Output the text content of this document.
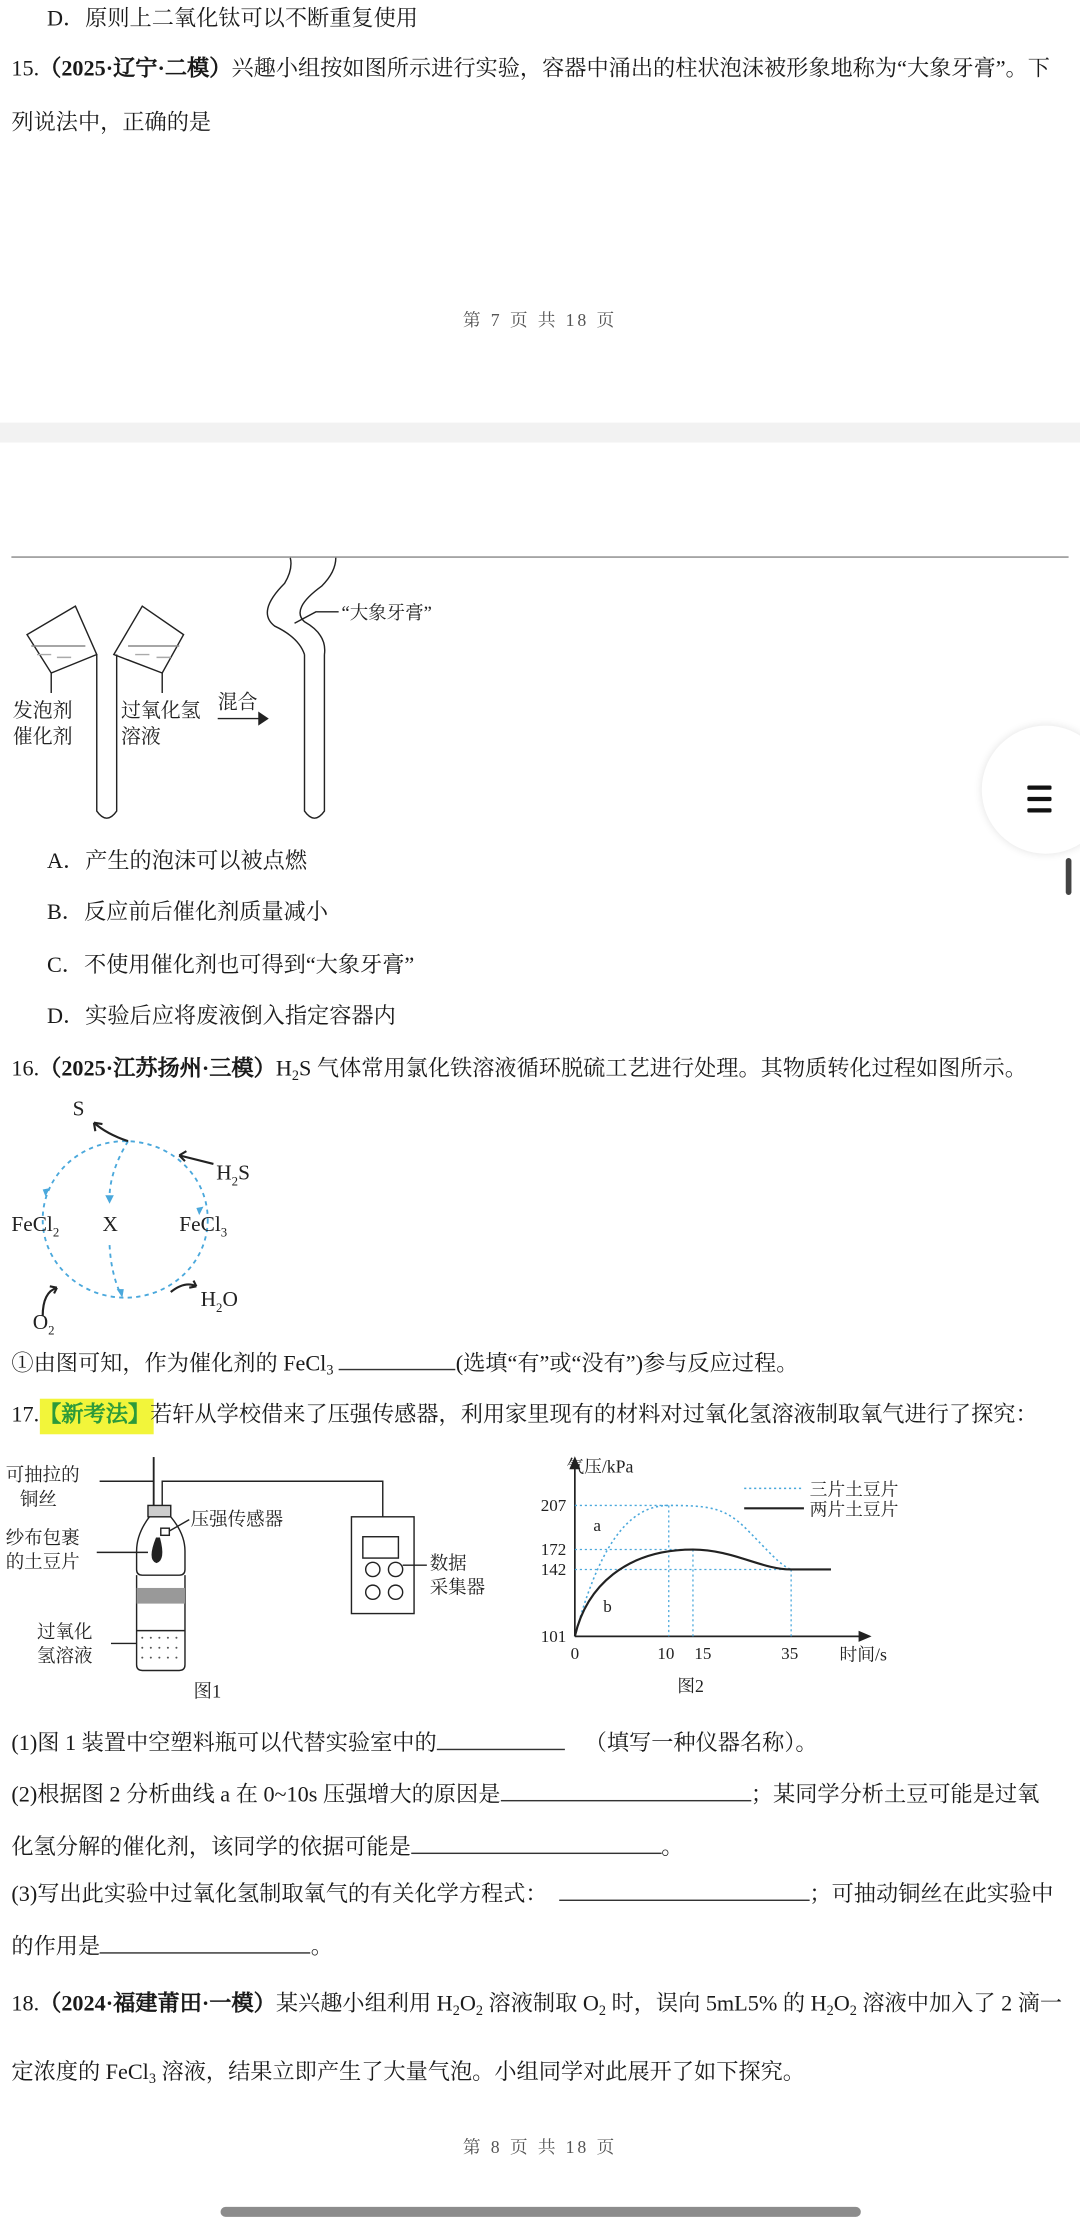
D．原则上二氧化钛可以不断重复使用
15.（2025·辽宁·二模）兴趣小组按如图所示进行实验，容器中涌出的柱状泡沫被形象地称为“大象牙膏”。下
列说法中，正确的是
第 7 页 共 18 页
“大象牙膏”
发泡剂
催化剂
过氧化氢
溶液
混合
A．产生的泡沫可以被点燃
B．反应前后催化剂质量减小
C．不使用催化剂也可得到“大象牙膏”
D．实验后应将废液倒入指定容器内
16.（2025·江苏扬州·三模）$H_2S$ 气体常用氯化铁溶液循环脱硫工艺进行处理。其物质转化过程如图所示。
S
$H_2S$
FeCl$_2$	X	FeCl$_3$
$H_2O$
$O_2$
①由图可知，作为催化剂的 FeCl$_3$	(选填“有”或“没有”)参与反应过程。
17.【新考法】若轩从学校借来了压强传感器，利用家里现有的材料对过氧化氢溶液制取氧气进行了探究：
可抽拉的
铜丝
压强传感器
纱布包裹
的土豆片
过氧化
氢溶液
数据
采集器
图1
207
172
142
101
0	10 15	35
气压/kPa
时间/s
图2
a
b
三片土豆片
两片土豆片
(1)图 1 装置中空塑料瓶可以代替实验室中的	（填写一种仪器名称）。
(2)根据图 2 分析曲线 a 在 0~10s 压强增大的原因是	；某同学分析土豆可能是过氧
化氢分解的催化剂，该同学的依据可能是	。
(3)写出此实验中过氧化氢制取氧气的有关化学方程式：	；可抽动铜丝在此实验中
的作用是	。
18.（2024·福建莆田·一模）某兴趣小组利用 $H_2O_2$ 溶液制取 $O_2$ 时，误向 5mL5% 的 $H_2O_2$ 溶液中加入了 2 滴一
定浓度的 FeCl$_3$ 溶液，结果立即产生了大量气泡。小组同学对此展开了如下探究。
第 8 页 共 18 页
